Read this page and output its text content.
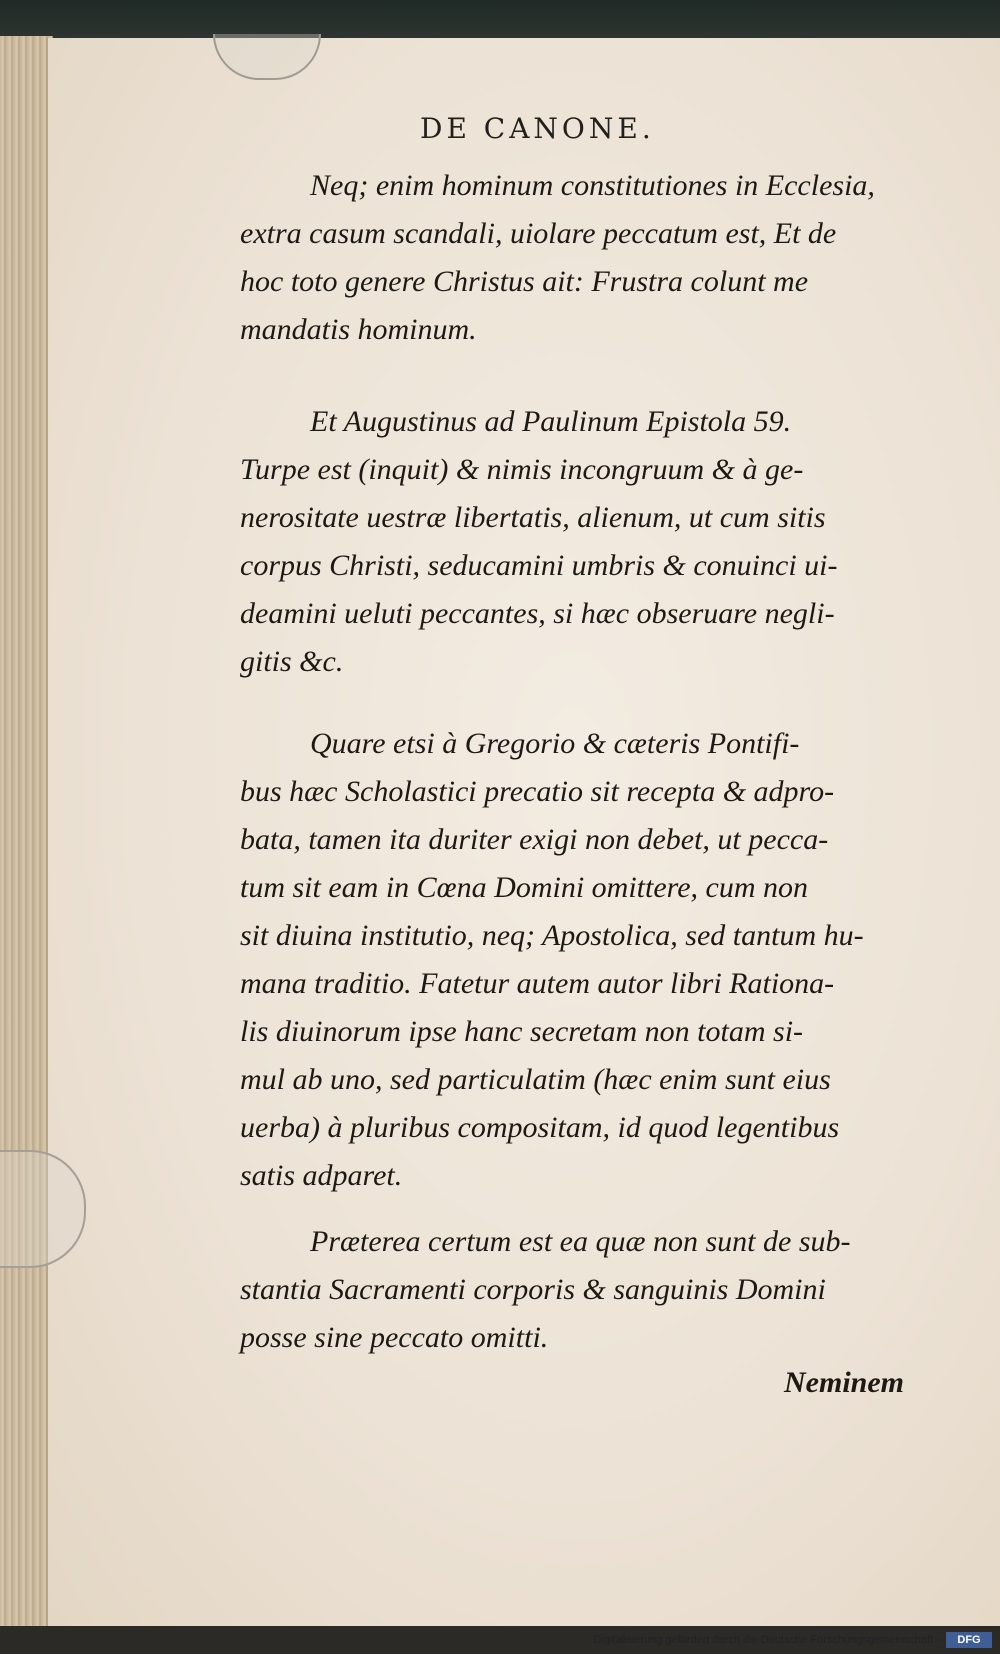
DE CANONE.
Neq; enim hominum constitutiones in Ecclesia,
extra casum scandali, uiolare peccatum est, Et de
hoc toto genere Christus ait: Frustra colunt me
mandatis hominum.
Et Augustinus ad Paulinum Epistola 59.
Turpe est (inquit) & nimis incongruum & à ge-
nerositate uestræ libertatis, alienum, ut cum sitis
corpus Christi, seducamini umbris & conuinci ui-
deamini ueluti peccantes, si hæc obseruare negli-
gitis &c.
Quare etsi à Gregorio & cæteris Pontifi-
bus hæc Scholastici precatio sit recepta & adpro-
bata, tamen ita duriter exigi non debet, ut pecca-
tum sit eam in Cœna Domini omittere, cum non
sit diuina institutio, neq; Apostolica, sed tantum hu-
mana traditio. Fatetur autem autor libri Rationa-
lis diuinorum ipse hanc secretam non totam si-
mul ab uno, sed particulatim (hæc enim sunt eius
uerba) à pluribus compositam, id quod legentibus
satis adparet.
Præterea certum est ea quæ non sunt de sub-
stantia Sacramenti corporis & sanguinis Domini
posse sine peccato omitti.

Neminem

Digitalisierung gefördert durch die Deutsche Forschungsgemeinschaft -	DFG
